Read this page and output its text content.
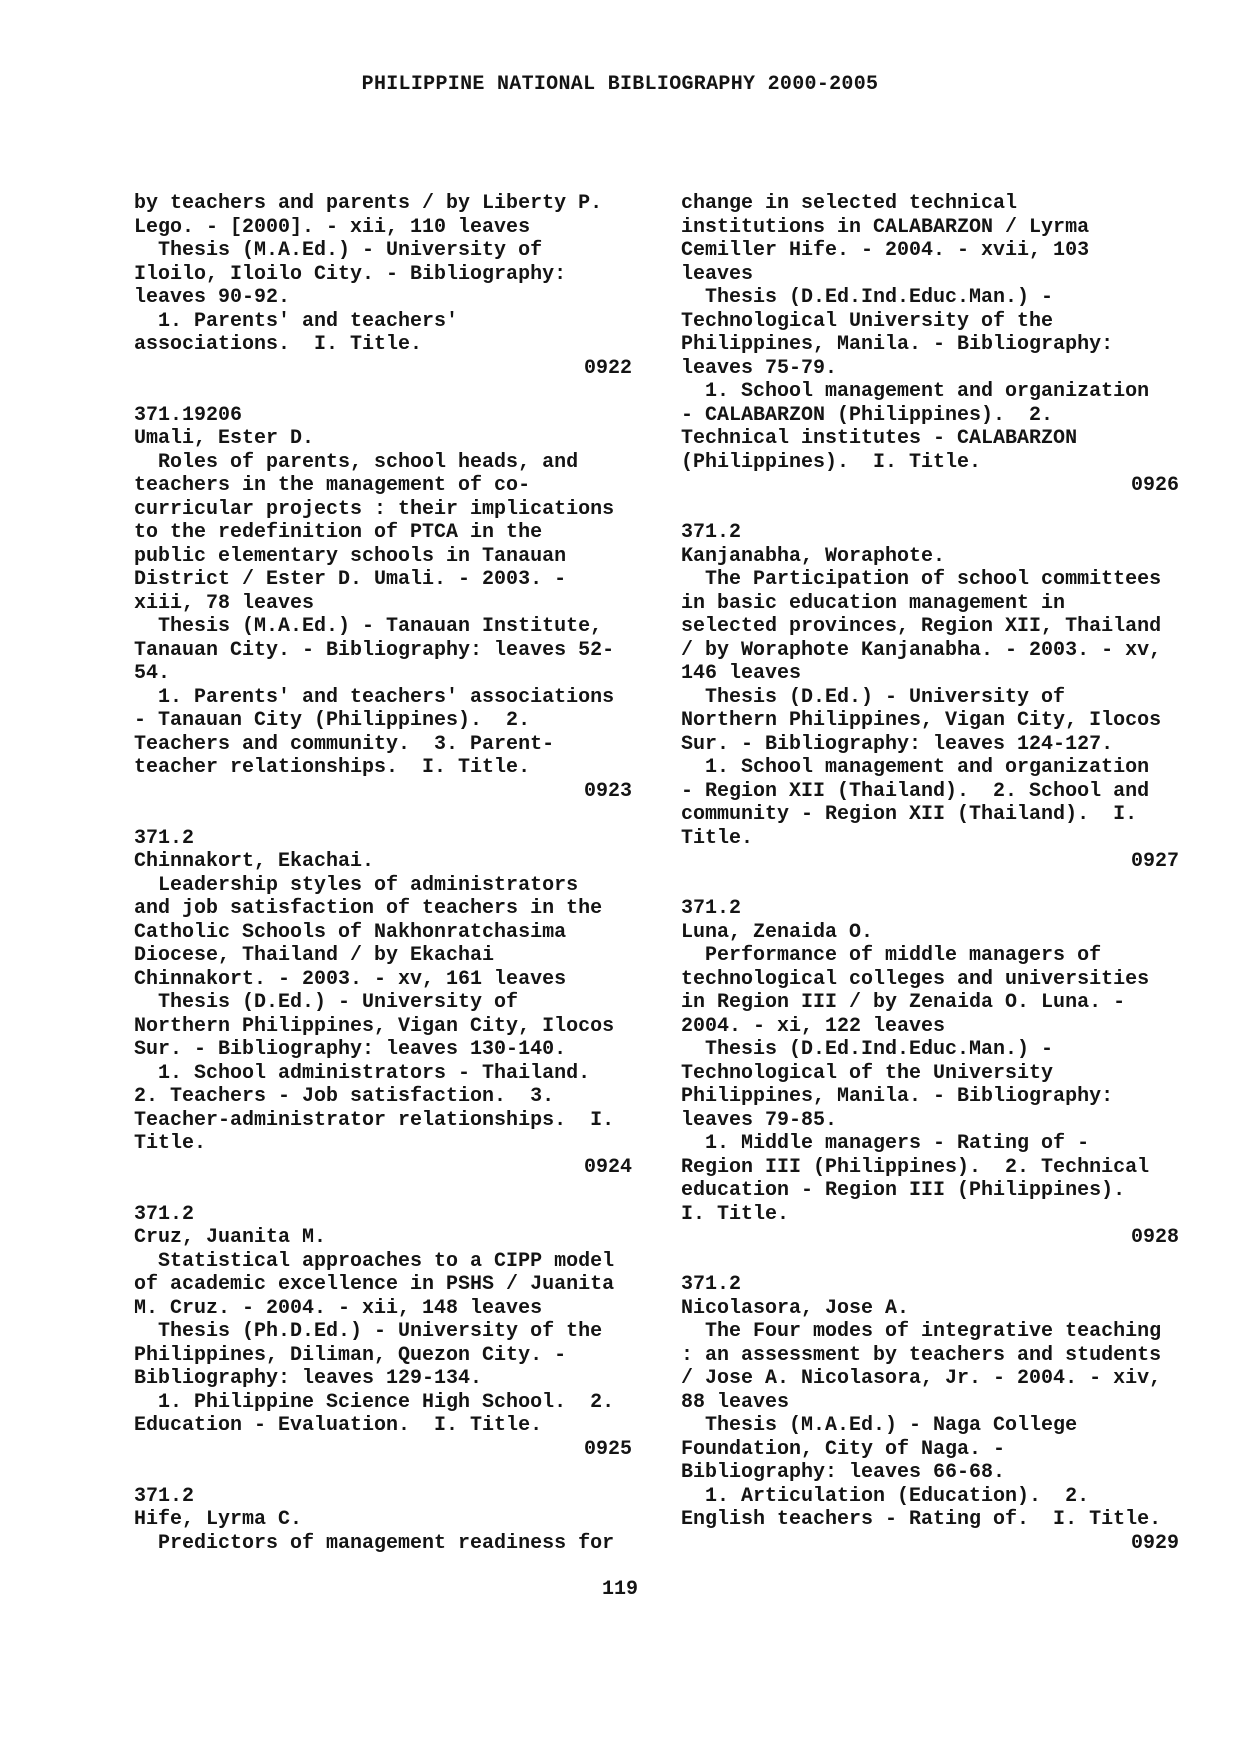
PHILIPPINE NATIONAL BIBLIOGRAPHY 2000-2005
by teachers and parents / by Liberty P.
Lego. - [2000]. - xii, 110 leaves
Thesis (M.A.Ed.) - University of
Iloilo, Iloilo City. - Bibliography:
leaves 90-92.
1. Parents' and teachers'
associations.  I. Title.
0922
371.19206
Umali, Ester D.
Roles of parents, school heads, and
teachers in the management of co-
curricular projects : their implications
to the redefinition of PTCA in the
public elementary schools in Tanauan
District / Ester D. Umali. - 2003. -
xiii, 78 leaves
Thesis (M.A.Ed.) - Tanauan Institute,
Tanauan City. - Bibliography: leaves 52-
54.
1. Parents' and teachers' associations
- Tanauan City (Philippines).  2.
Teachers and community.  3. Parent-
teacher relationships.  I. Title.
0923
371.2
Chinnakort, Ekachai.
Leadership styles of administrators
and job satisfaction of teachers in the
Catholic Schools of Nakhonratchasima
Diocese, Thailand / by Ekachai
Chinnakort. - 2003. - xv, 161 leaves
Thesis (D.Ed.) - University of
Northern Philippines, Vigan City, Ilocos
Sur. - Bibliography: leaves 130-140.
1. School administrators - Thailand.
2. Teachers - Job satisfaction.  3.
Teacher-administrator relationships.  I.
Title.
0924
371.2
Cruz, Juanita M.
Statistical approaches to a CIPP model
of academic excellence in PSHS / Juanita
M. Cruz. - 2004. - xii, 148 leaves
Thesis (Ph.D.Ed.) - University of the
Philippines, Diliman, Quezon City. -
Bibliography: leaves 129-134.
1. Philippine Science High School.  2.
Education - Evaluation.  I. Title.
0925
371.2
Hife, Lyrma C.
Predictors of management readiness for
change in selected technical
institutions in CALABARZON / Lyrma
Cemiller Hife. - 2004. - xvii, 103
leaves
Thesis (D.Ed.Ind.Educ.Man.) -
Technological University of the
Philippines, Manila. - Bibliography:
leaves 75-79.
1. School management and organization
- CALABARZON (Philippines).  2.
Technical institutes - CALABARZON
(Philippines).  I. Title.
0926
371.2
Kanjanabha, Woraphote.
The Participation of school committees
in basic education management in
selected provinces, Region XII, Thailand
/ by Woraphote Kanjanabha. - 2003. - xv,
146 leaves
Thesis (D.Ed.) - University of
Northern Philippines, Vigan City, Ilocos
Sur. - Bibliography: leaves 124-127.
1. School management and organization
- Region XII (Thailand).  2. School and
community - Region XII (Thailand).  I.
Title.
0927
371.2
Luna, Zenaida O.
Performance of middle managers of
technological colleges and universities
in Region III / by Zenaida O. Luna. -
2004. - xi, 122 leaves
Thesis (D.Ed.Ind.Educ.Man.) -
Technological of the University
Philippines, Manila. - Bibliography:
leaves 79-85.
1. Middle managers - Rating of -
Region III (Philippines).  2. Technical
education - Region III (Philippines).
I. Title.
0928
371.2
Nicolasora, Jose A.
The Four modes of integrative teaching
: an assessment by teachers and students
/ Jose A. Nicolasora, Jr. - 2004. - xiv,
88 leaves
Thesis (M.A.Ed.) - Naga College
Foundation, City of Naga. -
Bibliography: leaves 66-68.
1. Articulation (Education).  2.
English teachers - Rating of.  I. Title.
0929
119
